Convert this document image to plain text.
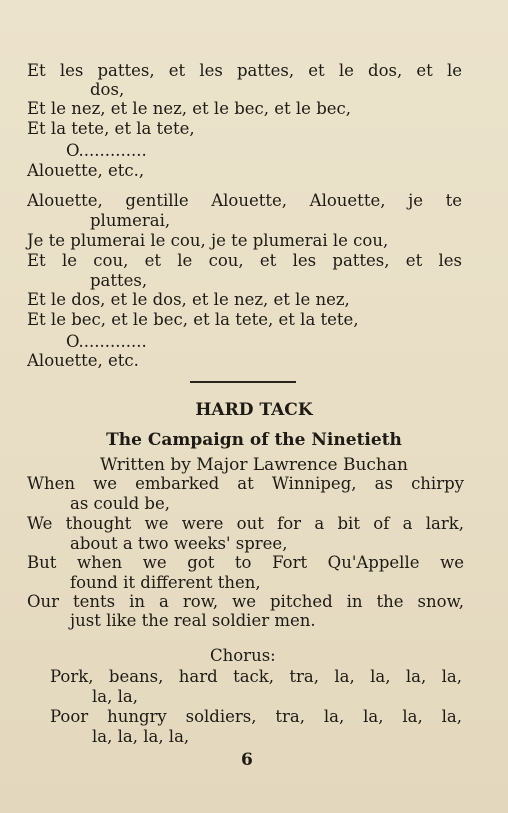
Et les pattes, et les pattes, et le dos, et le
dos,
Et le nez, et le nez, et le bec, et le bec,
Et la tete, et la tete,
O.............
Alouette, etc.,
Alouette, gentille Alouette, Alouette, je te
plumerai,
Je te plumerai le cou, je te plumerai le cou,
Et le cou, et le cou, et les pattes, et les
pattes,
Et le dos, et le dos, et le nez, et le nez,
Et le bec, et le bec, et la tete, et la tete,
O.............
Alouette, etc.
HARD TACK
The Campaign of the Ninetieth
Written by Major Lawrence Buchan
When we embarked at Winnipeg, as chirpy
as could be,
We thought we were out for a bit of a lark,
about a two weeks' spree,
But when we got to Fort Qu'Appelle we
found it different then,
Our tents in a row, we pitched in the snow,
just like the real soldier men.
Chorus:
Pork, beans, hard tack, tra, la, la, la, la,
la, la,
Poor hungry soldiers, tra, la, la, la, la,
la, la, la, la,
6
